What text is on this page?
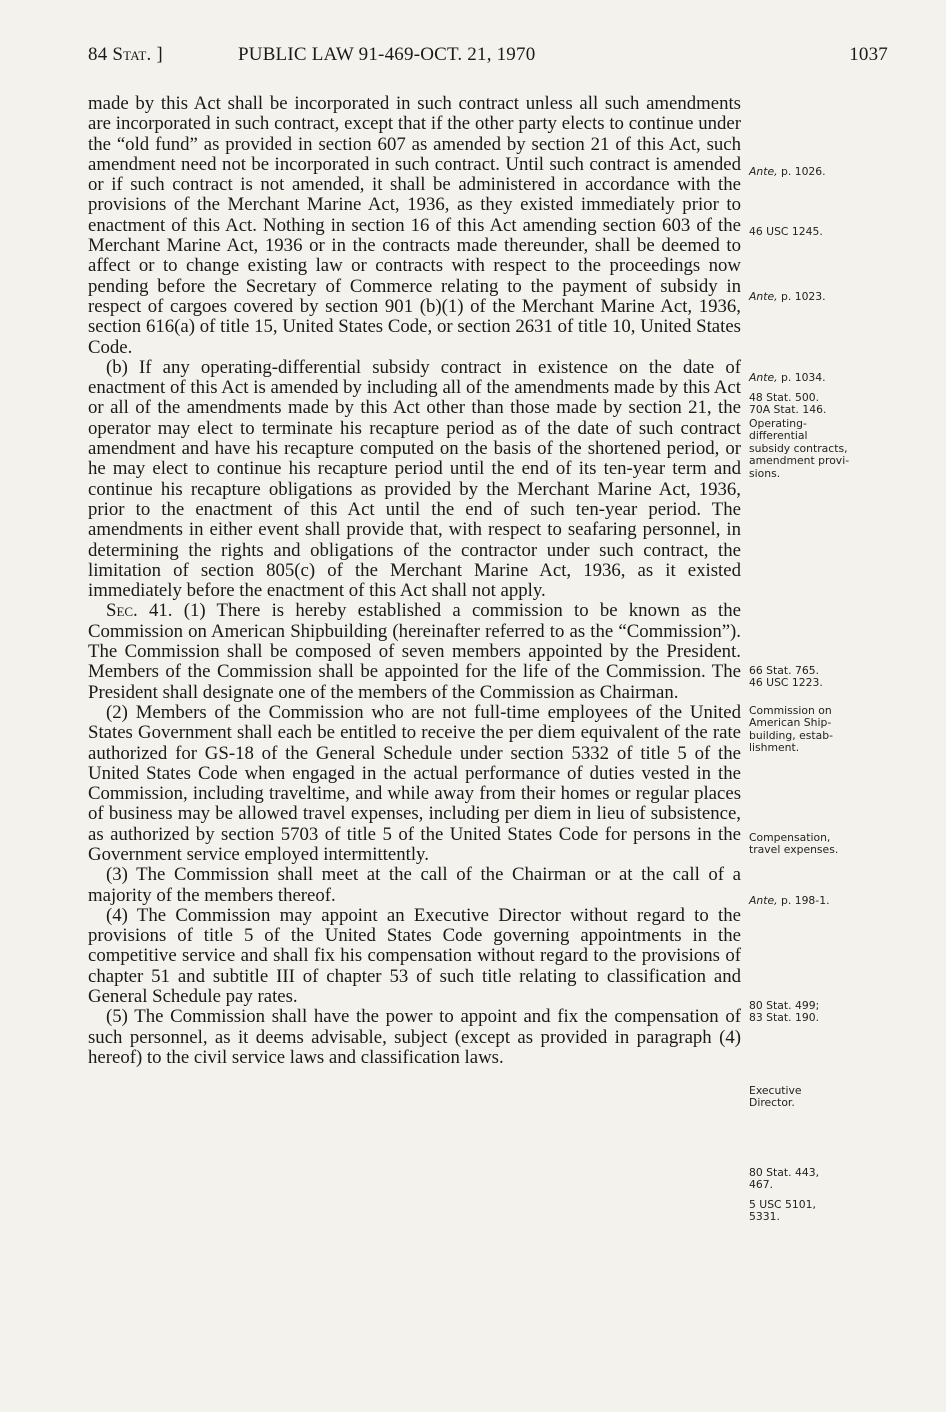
84 Stat. ]	PUBLIC LAW 91-469-OCT. 21, 1970	1037

made by this Act shall be incorporated in such contract unless all such amendments are incorporated in such contract, except that if the other party elects to continue under the “old fund” as provided in section 607 as amended by section 21 of this Act, such amendment need not be incorporated in such contract. Until such contract is amended or if such contract is not amended, it shall be administered in accordance with the provisions of the Merchant Marine Act, 1936, as they existed immediately prior to enactment of this Act. Nothing in section 16 of this Act amending section 603 of the Merchant Marine Act, 1936 or in the contracts made thereunder, shall be deemed to affect or to change existing law or contracts with respect to the proceedings now pending before the Secretary of Commerce relating to the payment of subsidy in respect of cargoes covered by section 901 (b)(1) of the Merchant Marine Act, 1936, section 616(a) of title 15, United States Code, or section 2631 of title 10, United States Code.

(b) If any operating-differential subsidy contract in existence on the date of enactment of this Act is amended by including all of the amendments made by this Act or all of the amendments made by this Act other than those made by section 21, the operator may elect to terminate his recapture period as of the date of such contract amendment and have his recapture computed on the basis of the shortened period, or he may elect to continue his recapture period until the end of its ten-year term and continue his recapture obligations as provided by the Merchant Marine Act, 1936, prior to the enactment of this Act until the end of such ten-year period. The amendments in either event shall provide that, with respect to seafaring personnel, in determining the rights and obligations of the contractor under such contract, the limitation of section 805(c) of the Merchant Marine Act, 1936, as it existed immediately before the enactment of this Act shall not apply.

Sec. 41. (1) There is hereby established a commission to be known as the Commission on American Shipbuilding (hereinafter referred to as the “Commission”). The Commission shall be composed of seven members appointed by the President. Members of the Commission shall be appointed for the life of the Commission. The President shall designate one of the members of the Commission as Chairman.

(2) Members of the Commission who are not full-time employees of the United States Government shall each be entitled to receive the per diem equivalent of the rate authorized for GS-18 of the General Schedule under section 5332 of title 5 of the United States Code when engaged in the actual performance of duties vested in the Commission, including traveltime, and while away from their homes or regular places of business may be allowed travel expenses, including per diem in lieu of subsistence, as authorized by section 5703 of title 5 of the United States Code for persons in the Government service employed intermittently.

(3) The Commission shall meet at the call of the Chairman or at the call of a majority of the members thereof.

(4) The Commission may appoint an Executive Director without regard to the provisions of title 5 of the United States Code governing appointments in the competitive service and shall fix his compensation without regard to the provisions of chapter 51 and subtitle III of chapter 53 of such title relating to classification and General Schedule pay rates.

(5) The Commission shall have the power to appoint and fix the compensation of such personnel, as it deems advisable, subject (except as provided in paragraph (4) hereof) to the civil service laws and classification laws.

Ante, p. 1026.
46 USC 1245.
Ante, p. 1023.
Ante, p. 1034.
48 Stat. 500.
70A Stat. 146.
Operating-
differential
subsidy contracts,
amendment provi-
sions.
66 Stat. 765.
46 USC 1223.
Commission on
American Ship-
building, estab-
lishment.
Compensation,
travel expenses.
Ante, p. 198-1.
80 Stat. 499;
83 Stat. 190.
Executive
Director.
80 Stat. 443,
467.
5 USC 5101,
5331.
